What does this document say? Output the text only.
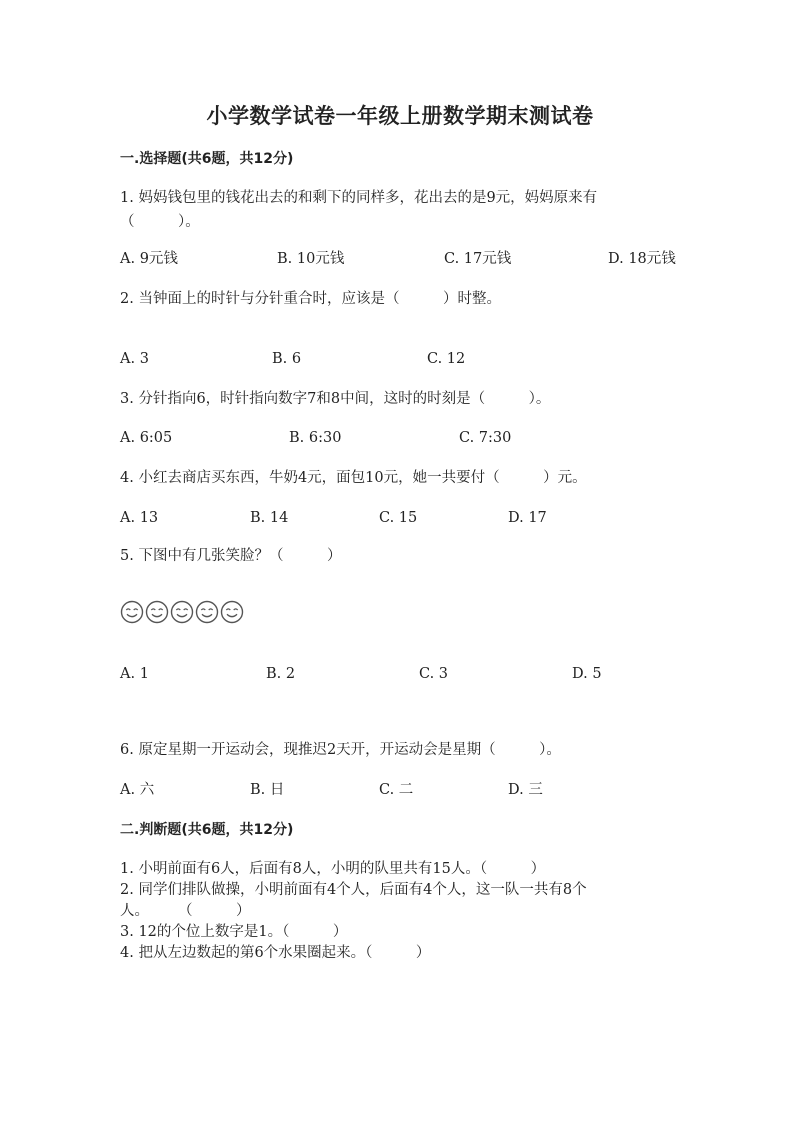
小学数学试卷一年级上册数学期末测试卷
一.选择题(共6题，共12分)
1. 妈妈钱包里的钱花出去的和剩下的同样多，花出去的是9元，妈妈原来有
（　　　）。
A. 9元钱	B. 10元钱	C. 17元钱	D. 18元钱
2. 当钟面上的时针与分针重合时，应该是（　　　）时整。
A. 3	B. 6	C. 12
3. 分针指向6，时针指向数字7和8中间，这时的时刻是（　　　）。
A. 6:05	B. 6:30	C. 7:30
4. 小红去商店买东西，牛奶4元，面包10元，她一共要付（　　　）元。
A. 13	B. 14	C. 15	D. 17
5. 下图中有几张笑脸？（　　　）
A. 1	B. 2	C. 3	D. 5
6. 原定星期一开运动会，现推迟2天开，开运动会是星期（　　　）。
A. 六	B. 日	C. 二	D. 三
二.判断题(共6题，共12分)
1. 小明前面有6人，后面有8人，小明的队里共有15人。（　　　）
2. 同学们排队做操，小明前面有4个人，后面有4个人，这一队一共有8个
人。　　　（　　　）
3. 12的个位上数字是1。（　　　）
4. 把从左边数起的第6个水果圈起来。（　　　）
